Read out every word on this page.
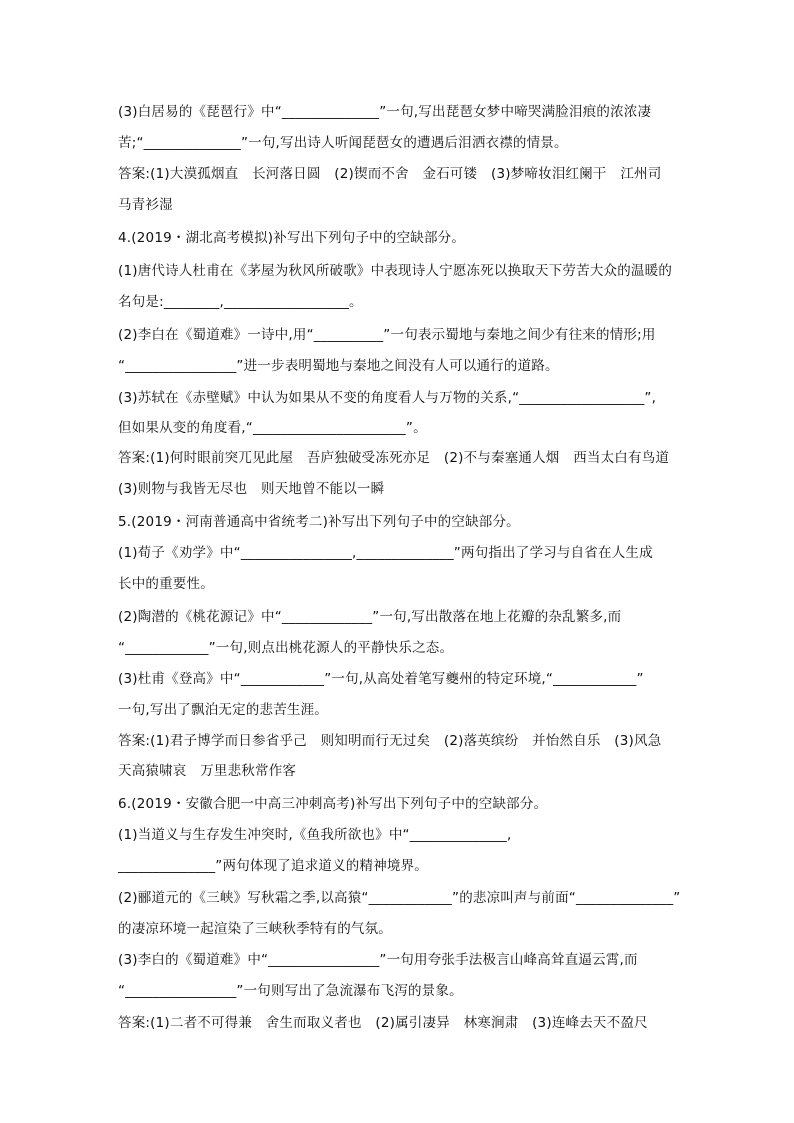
(3)白居易的《琵琶行》中“______________”一句,写出琵琶女梦中啼哭满脸泪痕的浓浓凄
苦;“______________”一句,写出诗人听闻琵琶女的遭遇后泪洒衣襟的情景。
答案:(1)大漠孤烟直　长河落日圆　(2)锲而不舍　金石可镂　(3)梦啼妆泪红阑干　江州司
马青衫湿
4.(2019・湖北高考模拟)补写出下列句子中的空缺部分。
(1)唐代诗人杜甫在《茅屋为秋风所破歌》中表现诗人宁愿冻死以换取天下劳苦大众的温暖的
名句是:________,__________________。
(2)李白在《蜀道难》一诗中,用“__________”一句表示蜀地与秦地之间少有往来的情形;用
“________________”进一步表明蜀地与秦地之间没有人可以通行的道路。
(3)苏轼在《赤壁赋》中认为如果从不变的角度看人与万物的关系,“__________________”,
但如果从变的角度看,“______________________”。
答案:(1)何时眼前突兀见此屋　吾庐独破受冻死亦足　(2)不与秦塞通人烟　西当太白有鸟道
(3)则物与我皆无尽也　则天地曾不能以一瞬
5.(2019・河南普通高中省统考二)补写出下列句子中的空缺部分。
(1)荀子《劝学》中“________________,______________”两句指出了学习与自省在人生成
长中的重要性。
(2)陶潜的《桃花源记》中“_____________”一句,写出散落在地上花瓣的杂乱繁多,而
“____________”一句,则点出桃花源人的平静快乐之态。
(3)杜甫《登高》中“____________”一句,从高处着笔写夔州的特定环境,“____________”
一句,写出了飘泊无定的悲苦生涯。
答案:(1)君子博学而日参省乎己　则知明而行无过矣　(2)落英缤纷　并怡然自乐　(3)风急
天高猿啸哀　万里悲秋常作客
6.(2019・安徽合肥一中高三冲刺高考)补写出下列句子中的空缺部分。
(1)当道义与生存发生冲突时,《鱼我所欲也》中“______________,
______________”两句体现了追求道义的精神境界。
(2)郦道元的《三峡》写秋霜之季,以高猿“____________”的悲凉叫声与前面“______________”
的凄凉环境一起渲染了三峡秋季特有的气氛。
(3)李白的《蜀道难》中“________________”一句用夸张手法极言山峰高耸直逼云霄,而
“________________”一句则写出了急流瀑布飞泻的景象。
答案:(1)二者不可得兼　舍生而取义者也　(2)属引凄异　林寒涧肃　(3)连峰去天不盈尺
